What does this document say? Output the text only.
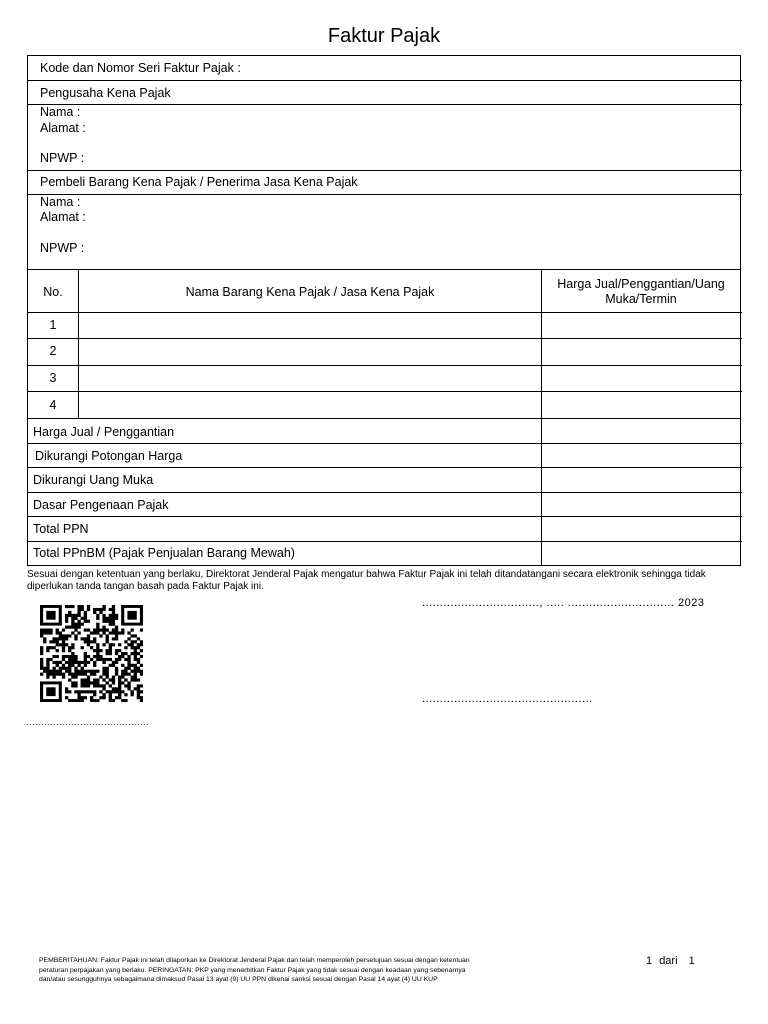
Faktur Pajak
Kode dan Nomor Seri Faktur Pajak :
Pengusaha Kena Pajak
Nama :
Alamat :
NPWP :
Pembeli Barang Kena Pajak / Penerima Jasa Kena Pajak
Nama :
Alamat :
NPWP :
No.	Nama Barang Kena Pajak / Jasa Kena Pajak
Harga Jual/Penggantian/Uang Muka/Termin
1
2
3
4
Harga Jual / Penggantian
Dikurangi Potongan Harga
Dikurangi Uang Muka
Dasar Pengenaan Pajak
Total PPN
Total PPnBM (Pajak Penjualan Barang Mewah)
Sesuai dengan ketentuan yang berlaku, Direktorat Jenderal Pajak mengatur bahwa Faktur Pajak ini telah ditandatangani secara elektronik sehingga tidak diperlukan tanda tangan basah pada Faktur Pajak ini.
.........................................
................................., ..... .............................. 2023
................................................
PEMBERITAHUAN: Faktur Pajak ini telah dilaporkan ke Direktorat Jenderal Pajak dan telah memperoleh persetujuan sesuai dengan ketentuan peraturan perpajakan yang berlaku. PERINGATAN: PKP yang menerbitkan Faktur Pajak yang tidak sesuai dengan keadaan yang sebenarnya dan/atau sesungguhnya sebagaimana dimaksud Pasal 13 ayat (9) UU PPN dikenai sanksi sesuai dengan Pasal 14 ayat (4) UU KUP
1 dari 1
